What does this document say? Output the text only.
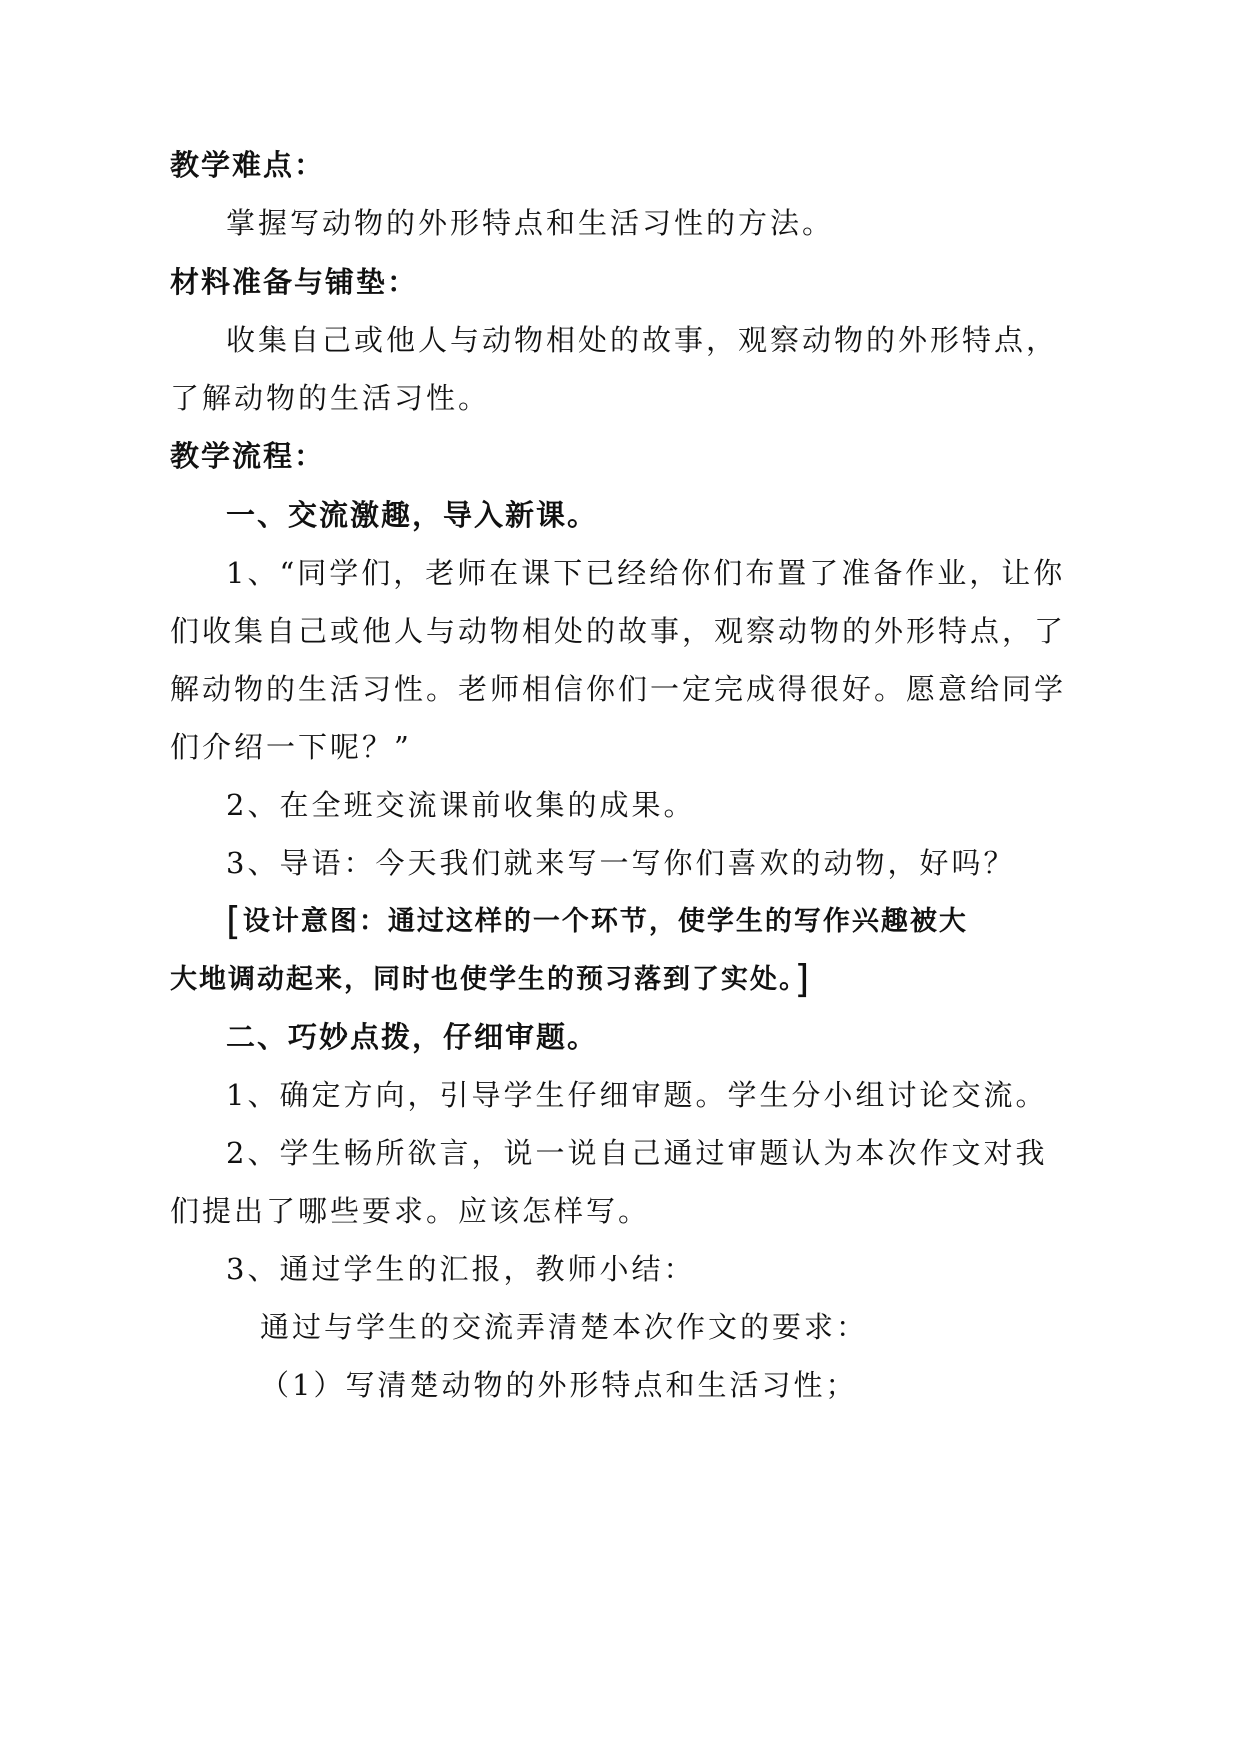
教学难点：
掌握写动物的外形特点和生活习性的方法。
材料准备与铺垫：
收集自己或他人与动物相处的故事，观察动物的外形特点，
了解动物的生活习性。
教学流程：
一、交流激趣，导入新课。
1、“同学们，老师在课下已经给你们布置了准备作业，让你
们收集自己或他人与动物相处的故事，观察动物的外形特点，了
解动物的生活习性。老师相信你们一定完成得很好。愿意给同学
们介绍一下呢？”
2、在全班交流课前收集的成果。
3、导语：今天我们就来写一写你们喜欢的动物，好吗？
[设计意图：通过这样的一个环节，使学生的写作兴趣被大
大地调动起来，同时也使学生的预习落到了实处。]
二、巧妙点拨，仔细审题。
1、确定方向，引导学生仔细审题。学生分小组讨论交流。
2、学生畅所欲言，说一说自己通过审题认为本次作文对我
们提出了哪些要求。应该怎样写。
3、通过学生的汇报，教师小结：
通过与学生的交流弄清楚本次作文的要求：
（1）写清楚动物的外形特点和生活习性；
